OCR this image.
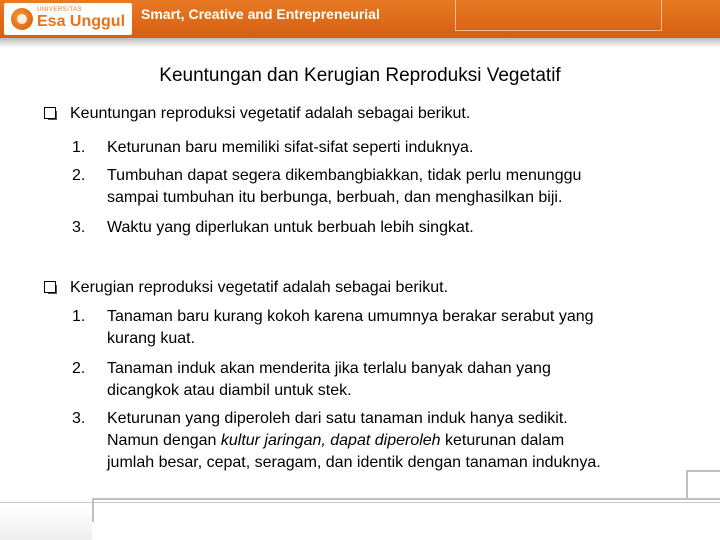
UNIVERSITAS
Esa Unggul Smart, Creative and Entrepreneurial
Keuntungan dan Kerugian Reproduksi Vegetatif
Keuntungan reproduksi vegetatif adalah sebagai berikut.
1. Keturunan baru memiliki sifat-sifat seperti induknya.
2. Tumbuhan dapat segera dikembangbiakkan, tidak perlu menunggu
sampai tumbuhan itu berbunga, berbuah, dan menghasilkan biji.
3. Waktu yang diperlukan untuk berbuah lebih singkat.
Kerugian reproduksi vegetatif adalah sebagai berikut.
1. Tanaman baru kurang kokoh karena umumnya berakar serabut yang
kurang kuat.
2. Tanaman induk akan menderita jika terlalu banyak dahan yang
dicangkok atau diambil untuk stek.
3. Keturunan yang diperoleh dari satu tanaman induk hanya sedikit.
Namun dengan kultur jaringan, dapat diperoleh keturunan dalam
jumlah besar, cepat, seragam, dan identik dengan tanaman induknya.
